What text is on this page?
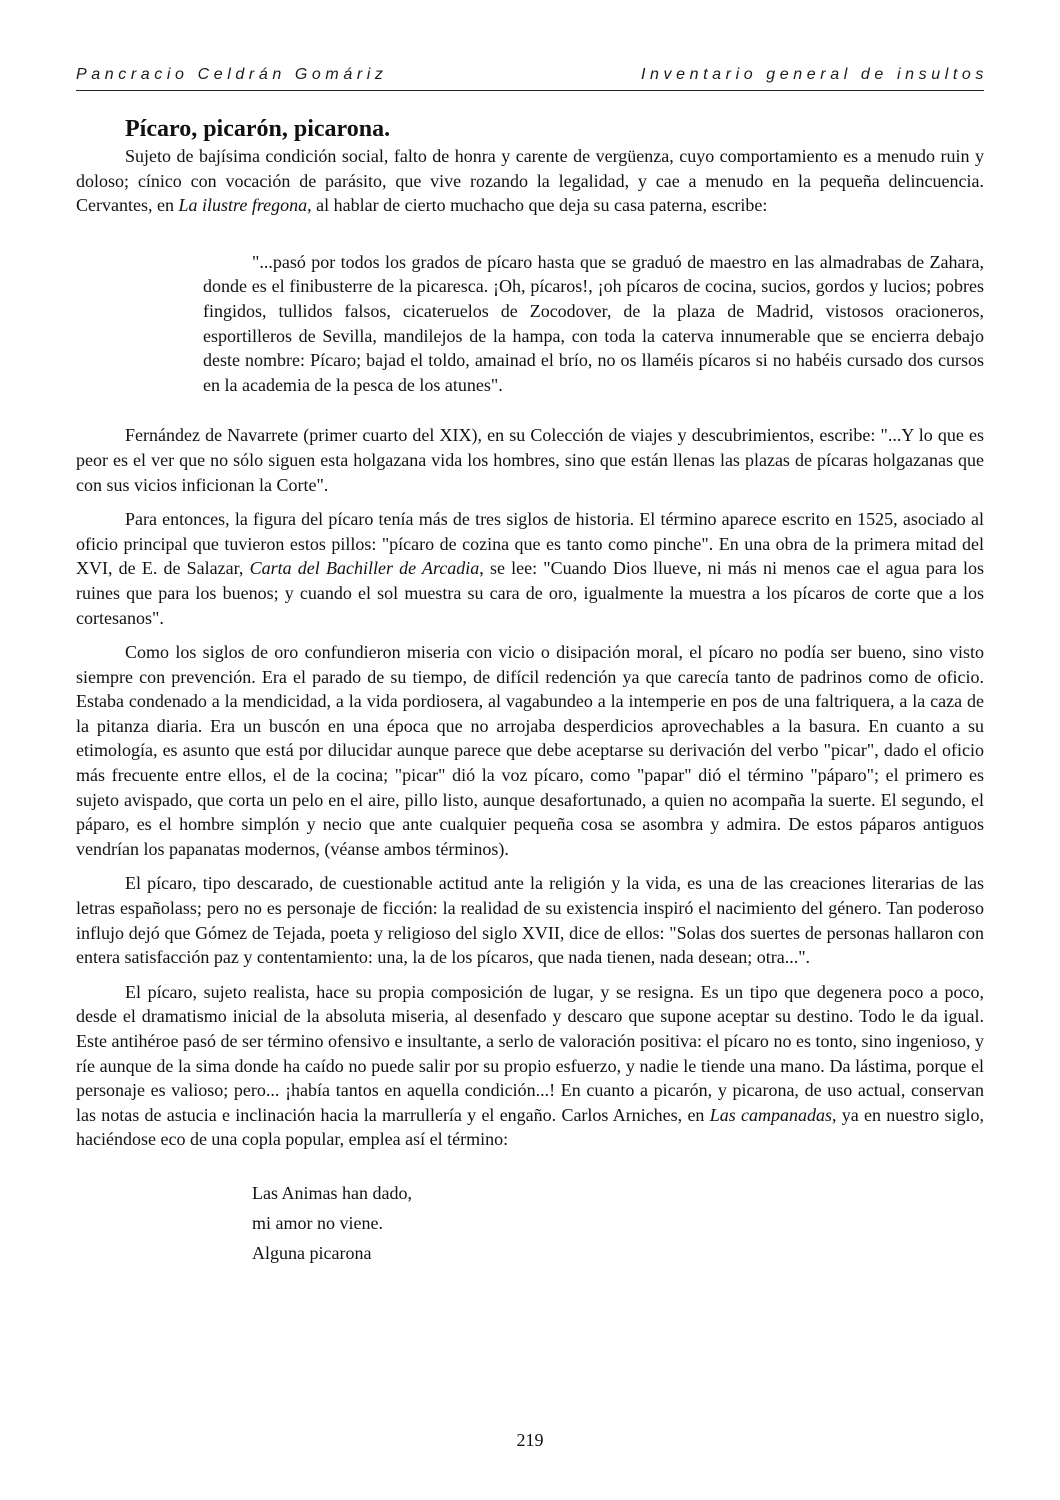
Pancracio Celdrán Gomáriz	Inventario general de insultos
Pícaro, picarón, picarona.

Sujeto de bajísima condición social, falto de honra y carente de vergüenza, cuyo comportamiento es a menudo ruin y doloso; cínico con vocación de parásito, que vive rozando la legalidad, y cae a menudo en la pequeña delincuencia. Cervantes, en La ilustre fregona, al hablar de cierto muchacho que deja su casa paterna, escribe:

"...pasó por todos los grados de pícaro hasta que se graduó de maestro en las almadrabas de Zahara, donde es el finibusterre de la picaresca. ¡Oh, pícaros!, ¡oh pícaros de cocina, sucios, gordos y lucios; pobres fingidos, tullidos falsos, cicateruelos de Zocodover, de la plaza de Madrid, vistosos oracioneros, esportilleros de Sevilla, mandilejos de la hampa, con toda la caterva innumerable que se encierra debajo deste nombre: Pícaro; bajad el toldo, amainad el brío, no os llaméis pícaros si no habéis cursado dos cursos en la academia de la pesca de los atunes".

Fernández de Navarrete (primer cuarto del XIX), en su Colección de viajes y descubrimientos, escribe: "...Y lo que es peor es el ver que no sólo siguen esta holgazana vida los hombres, sino que están llenas las plazas de pícaras holgazanas que con sus vicios inficionan la Corte".

Para entonces, la figura del pícaro tenía más de tres siglos de historia. El término aparece escrito en 1525, asociado al oficio principal que tuvieron estos pillos: "pícaro de cozina que es tanto como pinche". En una obra de la primera mitad del XVI, de E. de Salazar, Carta del Bachiller de Arcadia, se lee: "Cuando Dios llueve, ni más ni menos cae el agua para los ruines que para los buenos; y cuando el sol muestra su cara de oro, igualmente la muestra a los pícaros de corte que a los cortesanos".

Como los siglos de oro confundieron miseria con vicio o disipación moral, el pícaro no podía ser bueno, sino visto siempre con prevención. Era el parado de su tiempo, de difícil redención ya que carecía tanto de padrinos como de oficio. Estaba condenado a la mendicidad, a la vida pordiosera, al vagabundeo a la intemperie en pos de una faltriquera, a la caza de la pitanza diaria. Era un buscón en una época que no arrojaba desperdicios aprovechables a la basura. En cuanto a su etimología, es asunto que está por dilucidar aunque parece que debe aceptarse su derivación del verbo "picar", dado el oficio más frecuente entre ellos, el de la cocina; "picar" dió la voz pícaro, como "papar" dió el término "páparo"; el primero es sujeto avispado, que corta un pelo en el aire, pillo listo, aunque desafortunado, a quien no acompaña la suerte. El segundo, el páparo, es el hombre simplón y necio que ante cualquier pequeña cosa se asombra y admira. De estos páparos antiguos vendrían los papanatas modernos, (véanse ambos términos).

El pícaro, tipo descarado, de cuestionable actitud ante la religión y la vida, es una de las creaciones literarias de las letras españolass; pero no es personaje de ficción: la realidad de su existencia inspiró el nacimiento del género. Tan poderoso influjo dejó que Gómez de Tejada, poeta y religioso del siglo XVII, dice de ellos: "Solas dos suertes de personas hallaron con entera satisfacción paz y contentamiento: una, la de los pícaros, que nada tienen, nada desean; otra...".

El pícaro, sujeto realista, hace su propia composición de lugar, y se resigna. Es un tipo que degenera poco a poco, desde el dramatismo inicial de la absoluta miseria, al desenfado y descaro que supone aceptar su destino. Todo le da igual. Este antihéroe pasó de ser término ofensivo e insultante, a serlo de valoración positiva: el pícaro no es tonto, sino ingenioso, y ríe aunque de la sima donde ha caído no puede salir por su propio esfuerzo, y nadie le tiende una mano. Da lástima, porque el personaje es valioso; pero... ¡había tantos en aquella condición...! En cuanto a picarón, y picarona, de uso actual, conservan las notas de astucia e inclinación hacia la marrullería y el engaño. Carlos Arniches, en Las campanadas, ya en nuestro siglo, haciéndose eco de una copla popular, emplea así el término:

Las Animas han dado,
mi amor no viene.
Alguna picarona
219
